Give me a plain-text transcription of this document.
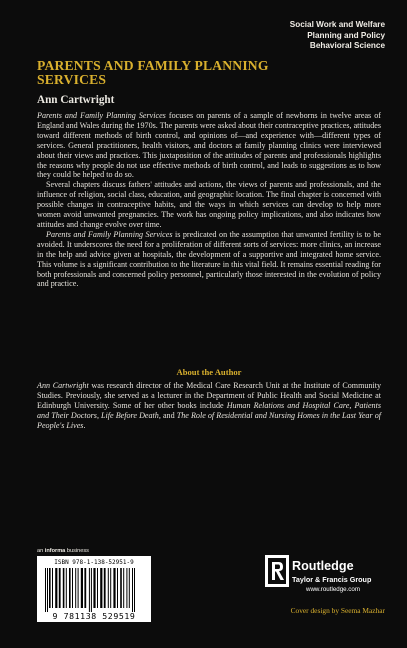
Social Work and Welfare
Planning and Policy
Behavioral Science
PARENTS AND FAMILY PLANNING
SERVICES
Ann Cartwright

Parents and Family Planning Services focuses on parents of a sample of newborns in twelve areas of England and Wales during the 1970s. The parents were asked about their contraceptive practices, attitudes toward different methods of birth control, and opinions of—and experience with—different types of services. General practitioners, health visitors, and doctors at family planning clinics were interviewed about their views and practices. This juxtaposition of the attitudes of parents and professionals highlights the reasons why people do not use effective methods of birth control, and leads to suggestions as to how they could be helped to do so.

Several chapters discuss fathers' attitudes and actions, the views of parents and professionals, and the influence of religion, social class, education, and geographic location. The final chapter is concerned with possible changes in contraceptive habits, and the ways in which services can develop to help more women avoid unwanted pregnancies. The work has ongoing policy implications, and also indicates how attitudes and change evolve over time.

Parents and Family Planning Services is predicated on the assumption that unwanted fertility is to be avoided. It underscores the need for a proliferation of different sorts of services: more clinics, an increase in the help and advice given at hospitals, the development of a supportive and integrated home service. This volume is a significant contribution to the literature in this vital field. It remains essential reading for both professionals and concerned policy personnel, particularly those interested in the evolution of policy and practice.

About the Author
Ann Cartwright was research director of the Medical Care Research Unit at the Institute of Community Studies. Previously, she served as a lecturer in the Department of Public Health and Social Medicine at Edinburgh University. Some of her other books include Human Relations and Hospital Care, Patients and Their Doctors, Life Before Death, and The Role of Residential and Nursing Homes in the Last Year of People's Lives.
an informa business
ISBN 978-1-138-52951-9
9 781138 529519
Routledge
Taylor & Francis Group
www.routledge.com
Cover design by Seema Mazhar
